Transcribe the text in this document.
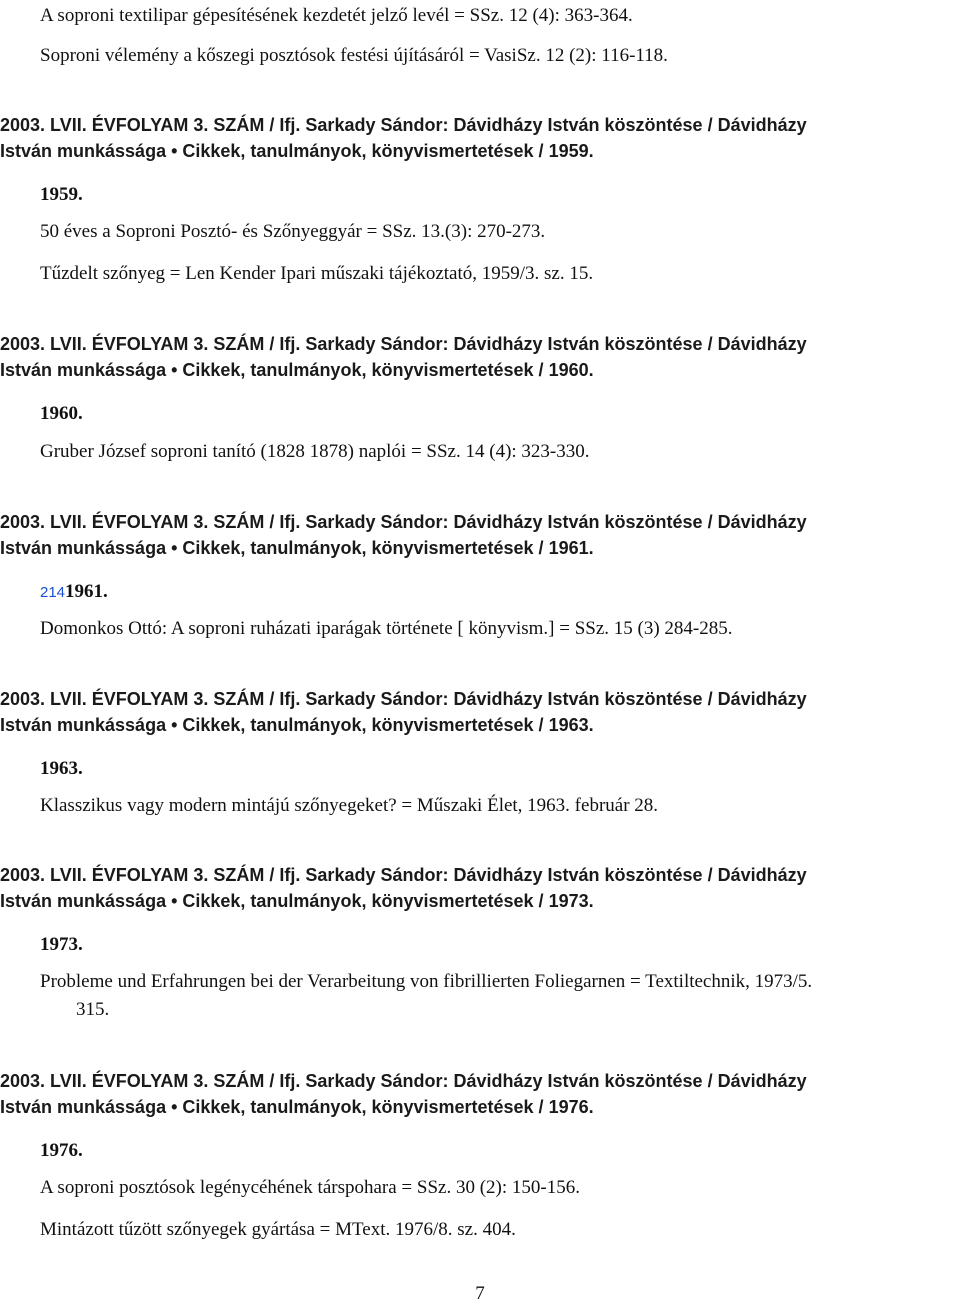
A soproni textilipar gépesítésének kezdetét jelző levél = SSz. 12 (4): 363-364.
Soproni vélemény a kőszegi posztósok festési újításáról = VasiSz. 12 (2): 116-118.
2003. LVII. ÉVFOLYAM 3. SZÁM / Ifj. Sarkady Sándor: Dávidházy István köszöntése / Dávidházy
István munkássága • Cikkek, tanulmányok, könyvismertetések / 1959.
1959.
50 éves a Soproni Posztó- és Szőnyeggyár = SSz. 13.(3): 270-273.
Tűzdelt szőnyeg = Len Kender Ipari műszaki tájékoztató, 1959/3. sz. 15.
2003. LVII. ÉVFOLYAM 3. SZÁM / Ifj. Sarkady Sándor: Dávidházy István köszöntése / Dávidházy
István munkássága • Cikkek, tanulmányok, könyvismertetések / 1960.
1960.
Gruber József soproni tanító (1828 1878) naplói = SSz. 14 (4): 323-330.
2003. LVII. ÉVFOLYAM 3. SZÁM / Ifj. Sarkady Sándor: Dávidházy István köszöntése / Dávidházy
István munkássága • Cikkek, tanulmányok, könyvismertetések / 1961.
2141961.
Domonkos Ottó: A soproni ruházati iparágak története [ könyvism.] = SSz. 15 (3) 284-285.
2003. LVII. ÉVFOLYAM 3. SZÁM / Ifj. Sarkady Sándor: Dávidházy István köszöntése / Dávidházy
István munkássága • Cikkek, tanulmányok, könyvismertetések / 1963.
1963.
Klasszikus vagy modern mintájú szőnyegeket? = Műszaki Élet, 1963. február 28.
2003. LVII. ÉVFOLYAM 3. SZÁM / Ifj. Sarkady Sándor: Dávidházy István köszöntése / Dávidházy
István munkássága • Cikkek, tanulmányok, könyvismertetések / 1973.
1973.
Probleme und Erfahrungen bei der Verarbeitung von fibrillierten Foliegarnen = Textiltechnik, 1973/5.
315.
2003. LVII. ÉVFOLYAM 3. SZÁM / Ifj. Sarkady Sándor: Dávidházy István köszöntése / Dávidházy
István munkássága • Cikkek, tanulmányok, könyvismertetések / 1976.
1976.
A soproni posztósok legénycéhének társpohara = SSz. 30 (2): 150-156.
Mintázott tűzött szőnyegek gyártása = MText. 1976/8. sz. 404.
7
